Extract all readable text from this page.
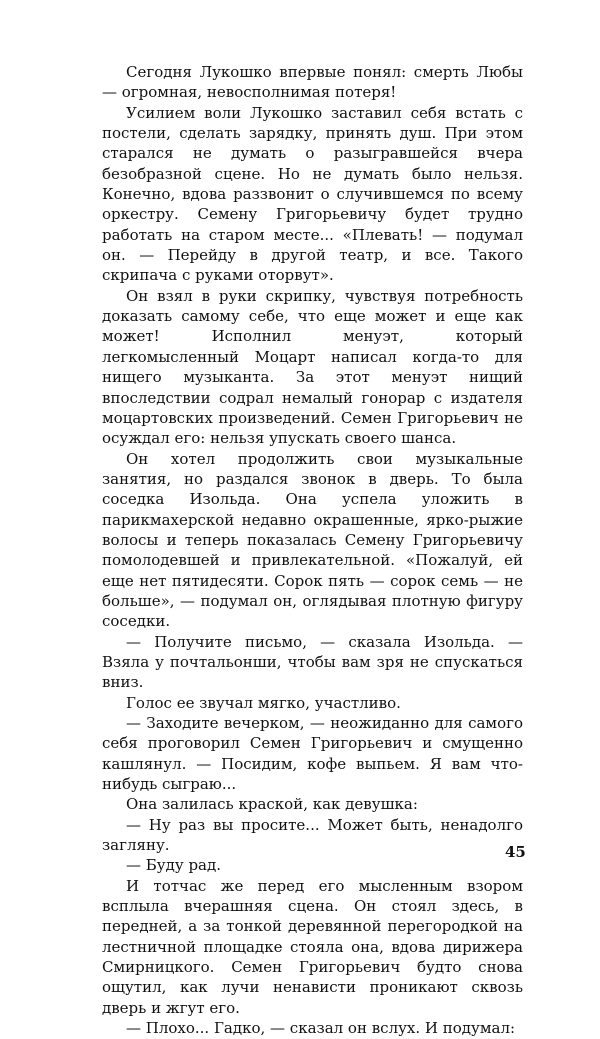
Сегодня Лукошко впервые понял: смерть Любы — огромная, невосполнимая потеря!

Усилием воли Лукошко заставил себя встать с постели, сделать зарядку, принять душ. При этом старался не думать о разыгравшейся вчера безобразной сцене. Но не думать было нельзя. Конечно, вдова раззвонит о случившемся по всему оркестру. Семену Григорьевичу будет трудно работать на старом месте... «Плевать! — подумал он. — Перейду в другой театр, и все. Такого скрипача с руками оторвут».

Он взял в руки скрипку, чувствуя потребность доказать самому себе, что еще может и еще как может! Исполнил менуэт, который легкомысленный Моцарт написал когда-то для нищего музыканта. За этот менуэт нищий впоследствии содрал немалый гонорар с издателя моцартовских произведений. Семен Григорьевич не осуждал его: нельзя упускать своего шанса.

Он хотел продолжить свои музыкальные занятия, но раздался звонок в дверь. То была соседка Изольда. Она успела уложить в парикмахерской недавно окрашенные, ярко-рыжие волосы и теперь показалась Семену Григорьевичу помолодевшей и привлекательной. «Пожалуй, ей еще нет пятидесяти. Сорок пять — сорок семь — не больше», — подумал он, оглядывая плотную фигуру соседки.

— Получите письмо, — сказала Изольда. — Взяла у почтальонши, чтобы вам зря не спускаться вниз.

Голос ее звучал мягко, участливо.

— Заходите вечерком, — неожиданно для самого себя проговорил Семен Григорьевич и смущенно кашлянул. — Посидим, кофе выпьем. Я вам что-нибудь сыграю...

Она залилась краской, как девушка:

— Ну раз вы просите... Может быть, ненадолго загляну.

— Буду рад.

И тотчас же перед его мысленным взором всплыла вчерашняя сцена. Он стоял здесь, в передней, а за тонкой деревянной перегородкой на лестничной площадке стояла она, вдова дирижера Смирницкого. Семен Григорьевич будто снова ощутил, как лучи ненависти проникают сквозь дверь и жгут его.

— Плохо... Гадко, — сказал он вслух. И подумал:

45
